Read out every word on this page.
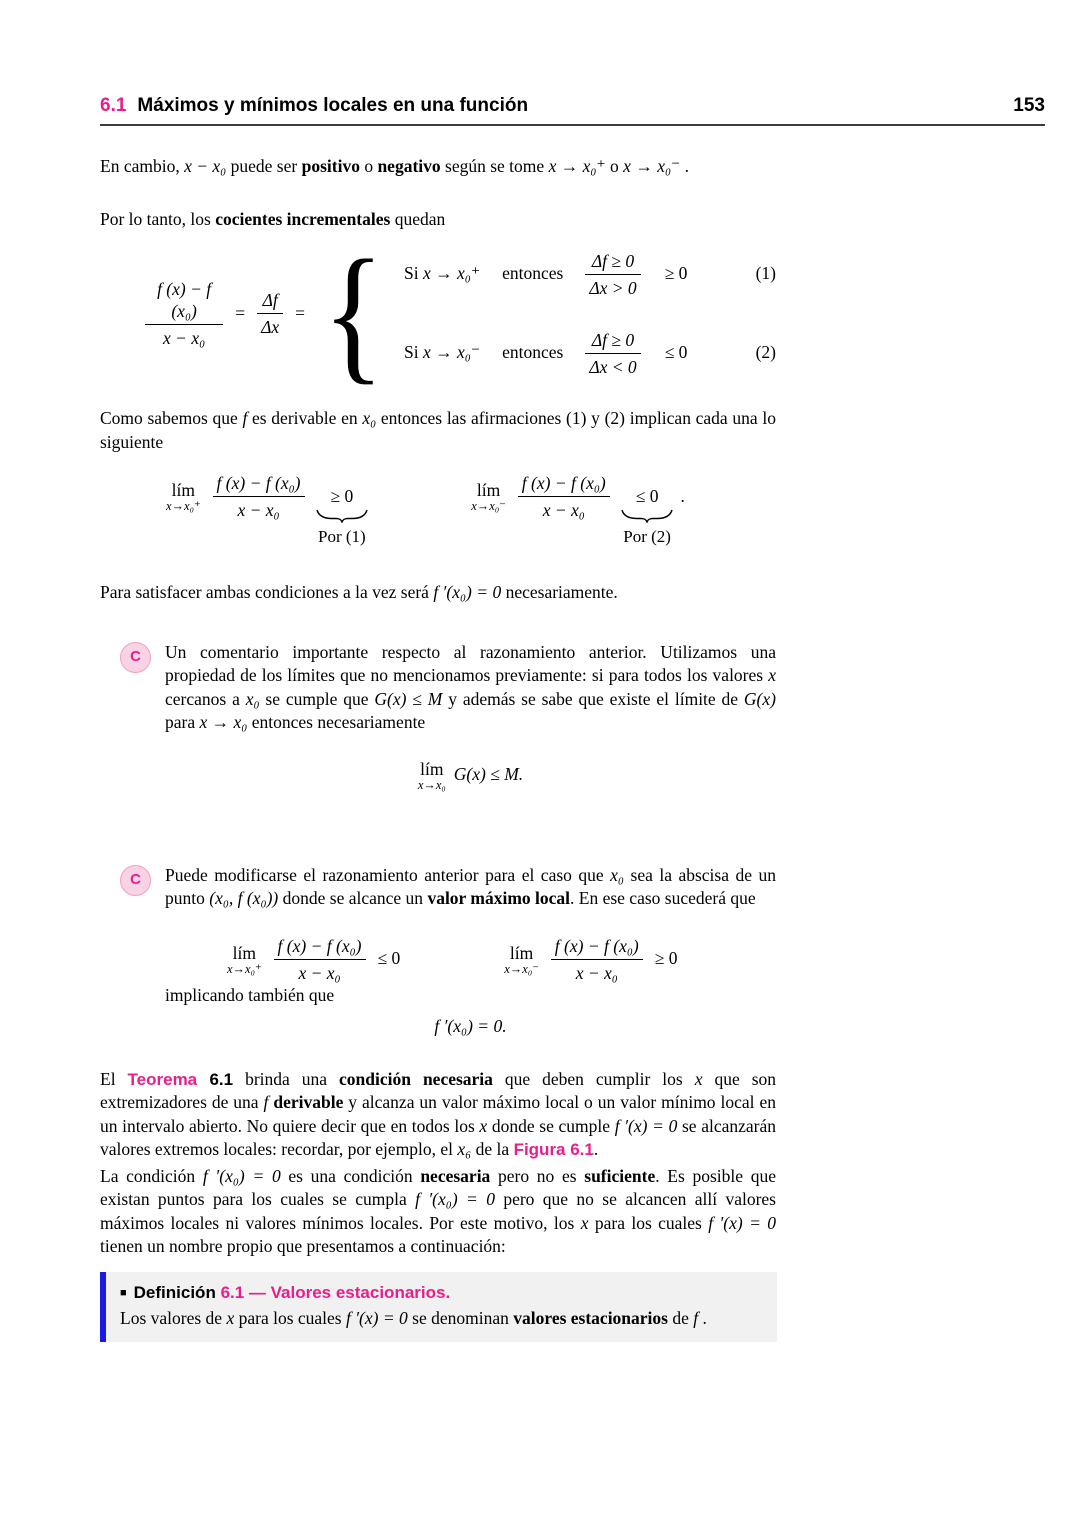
6.1 Máximos y mínimos locales en una función	153

En cambio, x − x₀ puede ser positivo o negativo según se tome x → x₀⁺ o x → x₀⁻ .

Por lo tanto, los cocientes incrementales quedan

$\frac{\text{f (x) − f (x₀)}}{\text{x − x₀}} = \frac{\Delta f}{\Delta x}$ = { Si x → x₀⁺ entonces $\frac{\Delta f \ge 0}{\Delta x > 0} \ge 0$	(1)
Si x → x₀⁻ entonces $\frac{\Delta f \ge 0}{\Delta x < 0} \le 0$	(2)

Como sabemos que f es derivable en x₀ entonces las afirmaciones (1) y (2) implican cada una lo siguiente

lím
$x\to x_0^+ \frac{\text{f (x) − f (x₀)}}{\text{x − x₀}} \ge 0$
Por (1)
lím
$x\to x_0^- \frac{\text{f (x) − f (x₀)}}{\text{x − x₀}} \le 0$
Por (2)
.

Para satisfacer ambas condiciones a la vez será f ′(x₀) = 0 necesariamente.

C	Un comentario importante respecto al razonamiento anterior. Utilizamos una propiedad de los límites que no mencionamos previamente: si para todos los valores x cercanos a x₀ se cumple que G(x) ≤ M y además se sabe que existe el límite de G(x) para x → x₀ entonces necesariamente

lím
x→x₀
G(x) ≤ M.
C	Puede modificarse el razonamiento anterior para el caso que x₀ sea la abscisa de un punto (x₀, f (x₀)) donde se alcance un valor máximo local. En ese caso sucederá que

lím
$x\to x_0^+ \frac{\text{f (x) − f (x₀)}}{\text{x − x₀}} \le 0$	lím
$x\to x_0^- \frac{\text{f (x) − f (x₀)}}{\text{x − x₀}} \ge 0$

implicando también que

f ′(x₀) = 0.

El Teorema 6.1 brinda una condición necesaria que deben cumplir los x que son extremizadores de una f derivable y alcanza un valor máximo local o un valor mínimo local en un intervalo abierto. No quiere decir que en todos los x donde se cumple f ′(x) = 0 se alcanzarán valores extremos locales: recordar, por ejemplo, el x₆ de la Figura 6.1.

La condición f ′(x₀) = 0 es una condición necesaria pero no es suficiente. Es posible que existan puntos para los cuales se cumpla f ′(x₀) = 0 pero que no se alcancen allí valores máximos locales ni valores mínimos locales. Por este motivo, los x para los cuales f ′(x) = 0 tienen un nombre propio que presentamos a continuación:

■ Definición 6.1 — Valores estacionarios.

Los valores de x para los cuales f ′(x) = 0 se denominan valores estacionarios de f .
